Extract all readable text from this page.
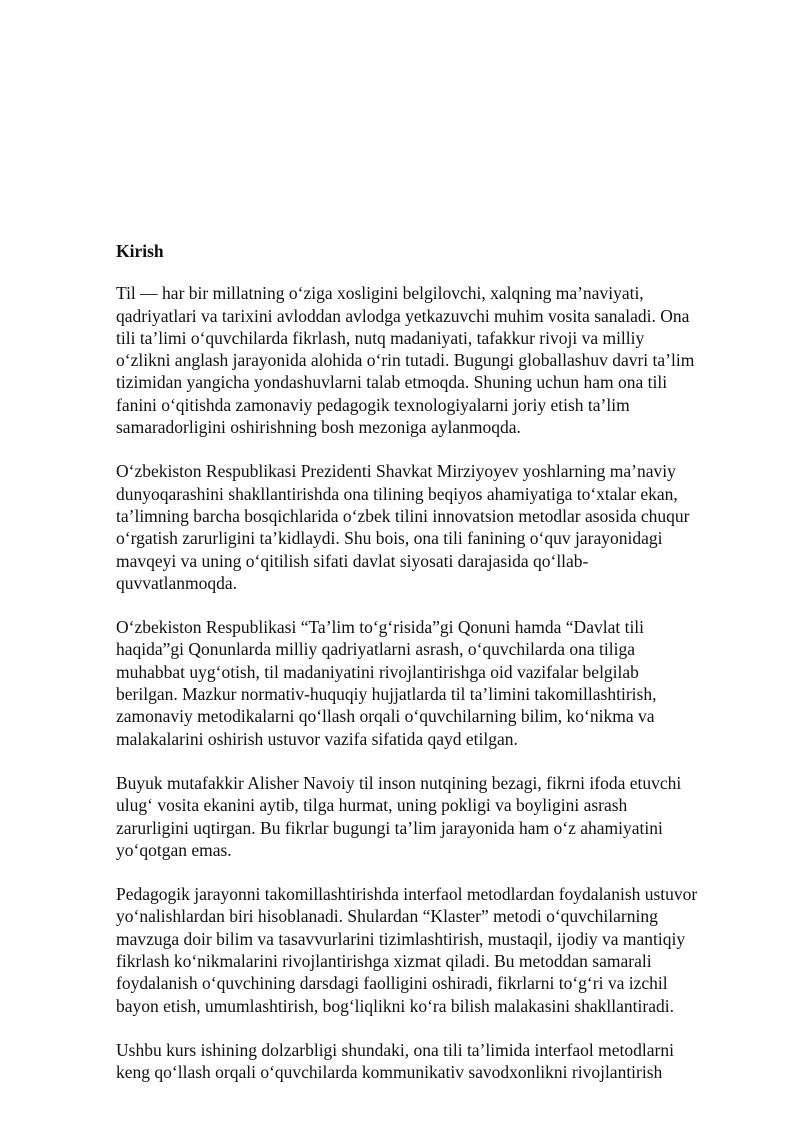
Kirish
Til — har bir millatning o‘ziga xosligini belgilovchi, xalqning ma’naviyati,
qadriyatlari va tarixini avloddan avlodga yetkazuvchi muhim vosita sanaladi. Ona
tili ta’limi o‘quvchilarda fikrlash, nutq madaniyati, tafakkur rivoji va milliy
o‘zlikni anglash jarayonida alohida o‘rin tutadi. Bugungi globallashuv davri ta’lim
tizimidan yangicha yondashuvlarni talab etmoqda. Shuning uchun ham ona tili
fanini o‘qitishda zamonaviy pedagogik texnologiyalarni joriy etish ta’lim
samaradorligini oshirishning bosh mezoniga aylanmoqda.
O‘zbekiston Respublikasi Prezidenti Shavkat Mirziyoyev yoshlarning ma’naviy
dunyoqarashini shakllantirishda ona tilining beqiyos ahamiyatiga to‘xtalar ekan,
ta’limning barcha bosqichlarida o‘zbek tilini innovatsion metodlar asosida chuqur
o‘rgatish zarurligini ta’kidlaydi. Shu bois, ona tili fanining o‘quv jarayonidagi
mavqeyi va uning o‘qitilish sifati davlat siyosati darajasida qo‘llab-
quvvatlanmoqda.
O‘zbekiston Respublikasi “Ta’lim to‘g‘risida”gi Qonuni hamda “Davlat tili
haqida”gi Qonunlarda milliy qadriyatlarni asrash, o‘quvchilarda ona tiliga
muhabbat uyg‘otish, til madaniyatini rivojlantirishga oid vazifalar belgilab
berilgan. Mazkur normativ-huquqiy hujjatlarda til ta’limini takomillashtirish,
zamonaviy metodikalarni qo‘llash orqali o‘quvchilarning bilim, ko‘nikma va
malakalarini oshirish ustuvor vazifa sifatida qayd etilgan.
Buyuk mutafakkir Alisher Navoiy til inson nutqining bezagi, fikrni ifoda etuvchi
ulug‘ vosita ekanini aytib, tilga hurmat, uning pokligi va boyligini asrash
zarurligini uqtirgan. Bu fikrlar bugungi ta’lim jarayonida ham o‘z ahamiyatini
yo‘qotgan emas.
Pedagogik jarayonni takomillashtirishda interfaol metodlardan foydalanish ustuvor
yo‘nalishlardan biri hisoblanadi. Shulardan “Klaster” metodi o‘quvchilarning
mavzuga doir bilim va tasavvurlarini tizimlashtirish, mustaqil, ijodiy va mantiqiy
fikrlash ko‘nikmalarini rivojlantirishga xizmat qiladi. Bu metoddan samarali
foydalanish o‘quvchining darsdagi faolligini oshiradi, fikrlarni to‘g‘ri va izchil
bayon etish, umumlashtirish, bog‘liqlikni ko‘ra bilish malakasini shakllantiradi.
Ushbu kurs ishining dolzarbligi shundaki, ona tili ta’limida interfaol metodlarni
keng qo‘llash orqali o‘quvchilarda kommunikativ savodxonlikni rivojlantirish
